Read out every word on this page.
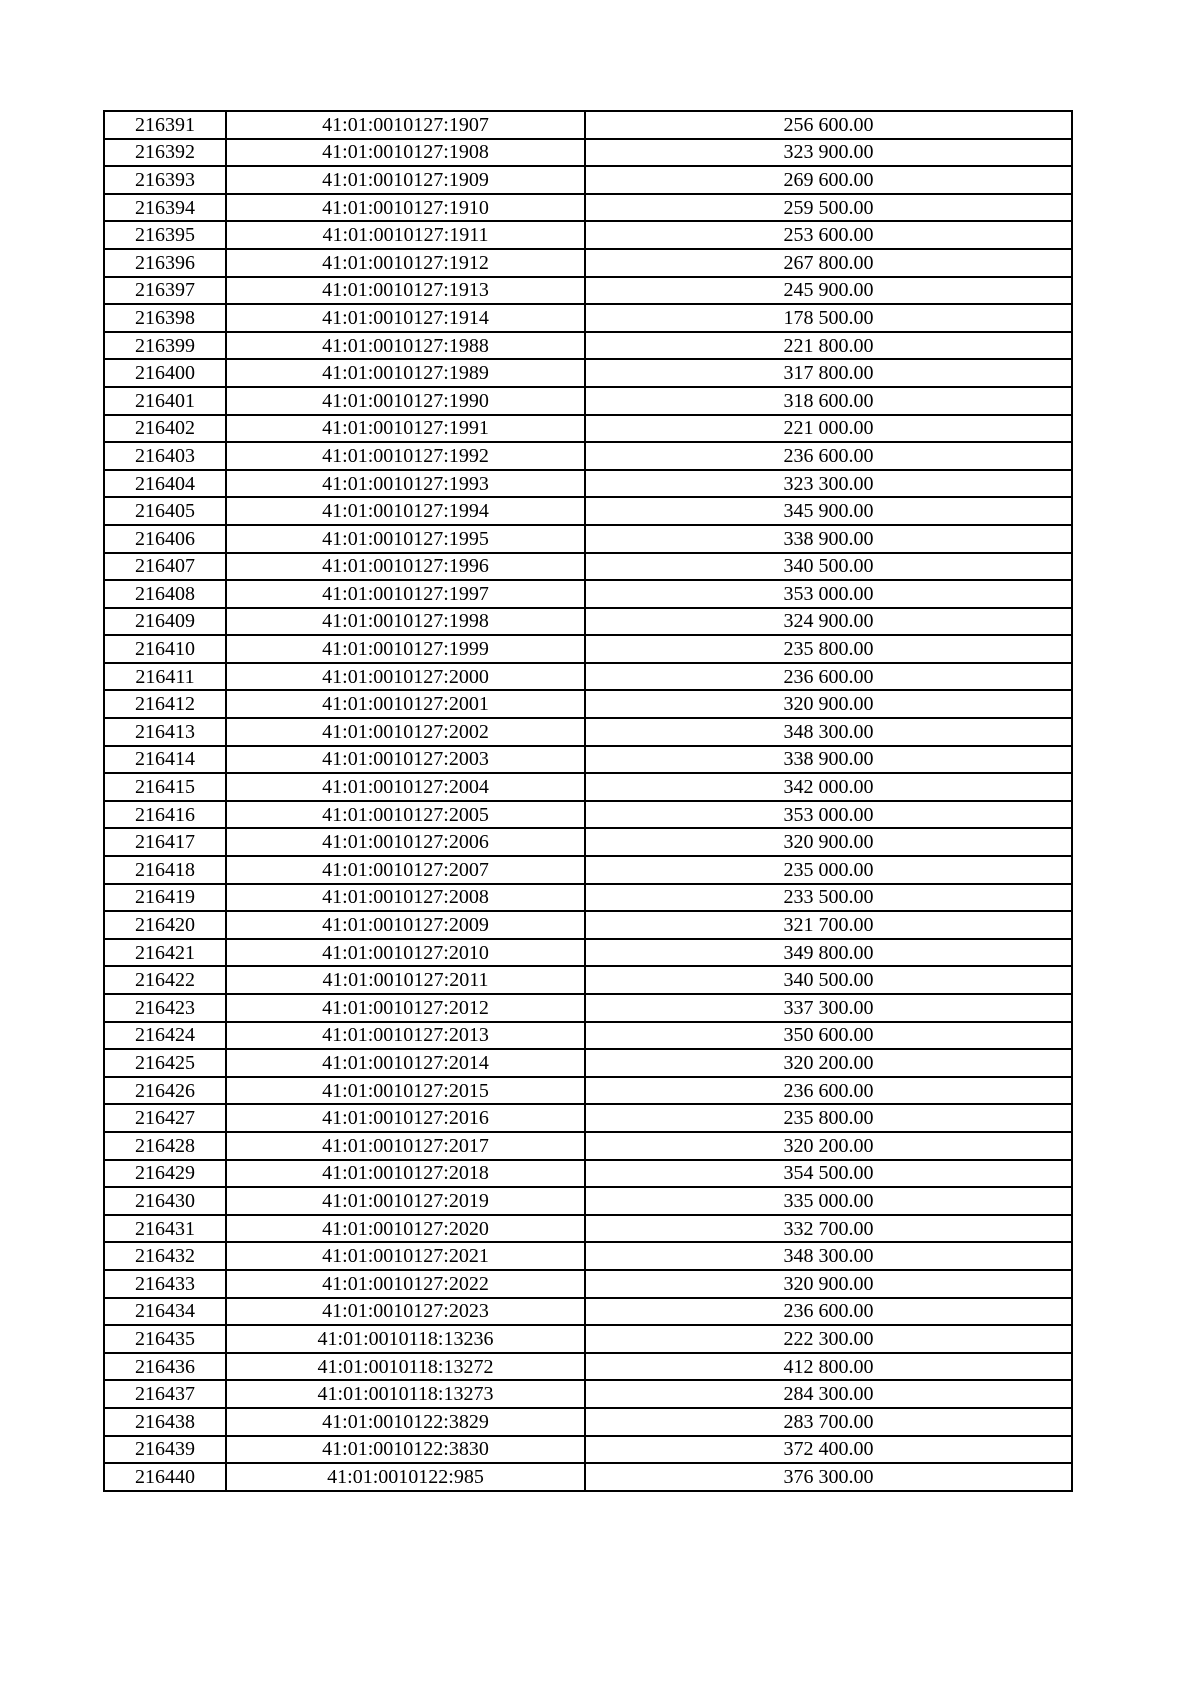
216391	41:01:0010127:1907	256 600.00
216392	41:01:0010127:1908	323 900.00
216393	41:01:0010127:1909	269 600.00
216394	41:01:0010127:1910	259 500.00
216395	41:01:0010127:1911	253 600.00
216396	41:01:0010127:1912	267 800.00
216397	41:01:0010127:1913	245 900.00
216398	41:01:0010127:1914	178 500.00
216399	41:01:0010127:1988	221 800.00
216400	41:01:0010127:1989	317 800.00
216401	41:01:0010127:1990	318 600.00
216402	41:01:0010127:1991	221 000.00
216403	41:01:0010127:1992	236 600.00
216404	41:01:0010127:1993	323 300.00
216405	41:01:0010127:1994	345 900.00
216406	41:01:0010127:1995	338 900.00
216407	41:01:0010127:1996	340 500.00
216408	41:01:0010127:1997	353 000.00
216409	41:01:0010127:1998	324 900.00
216410	41:01:0010127:1999	235 800.00
216411	41:01:0010127:2000	236 600.00
216412	41:01:0010127:2001	320 900.00
216413	41:01:0010127:2002	348 300.00
216414	41:01:0010127:2003	338 900.00
216415	41:01:0010127:2004	342 000.00
216416	41:01:0010127:2005	353 000.00
216417	41:01:0010127:2006	320 900.00
216418	41:01:0010127:2007	235 000.00
216419	41:01:0010127:2008	233 500.00
216420	41:01:0010127:2009	321 700.00
216421	41:01:0010127:2010	349 800.00
216422	41:01:0010127:2011	340 500.00
216423	41:01:0010127:2012	337 300.00
216424	41:01:0010127:2013	350 600.00
216425	41:01:0010127:2014	320 200.00
216426	41:01:0010127:2015	236 600.00
216427	41:01:0010127:2016	235 800.00
216428	41:01:0010127:2017	320 200.00
216429	41:01:0010127:2018	354 500.00
216430	41:01:0010127:2019	335 000.00
216431	41:01:0010127:2020	332 700.00
216432	41:01:0010127:2021	348 300.00
216433	41:01:0010127:2022	320 900.00
216434	41:01:0010127:2023	236 600.00
216435	41:01:0010118:13236	222 300.00
216436	41:01:0010118:13272	412 800.00
216437	41:01:0010118:13273	284 300.00
216438	41:01:0010122:3829	283 700.00
216439	41:01:0010122:3830	372 400.00
216440	41:01:0010122:985	376 300.00
